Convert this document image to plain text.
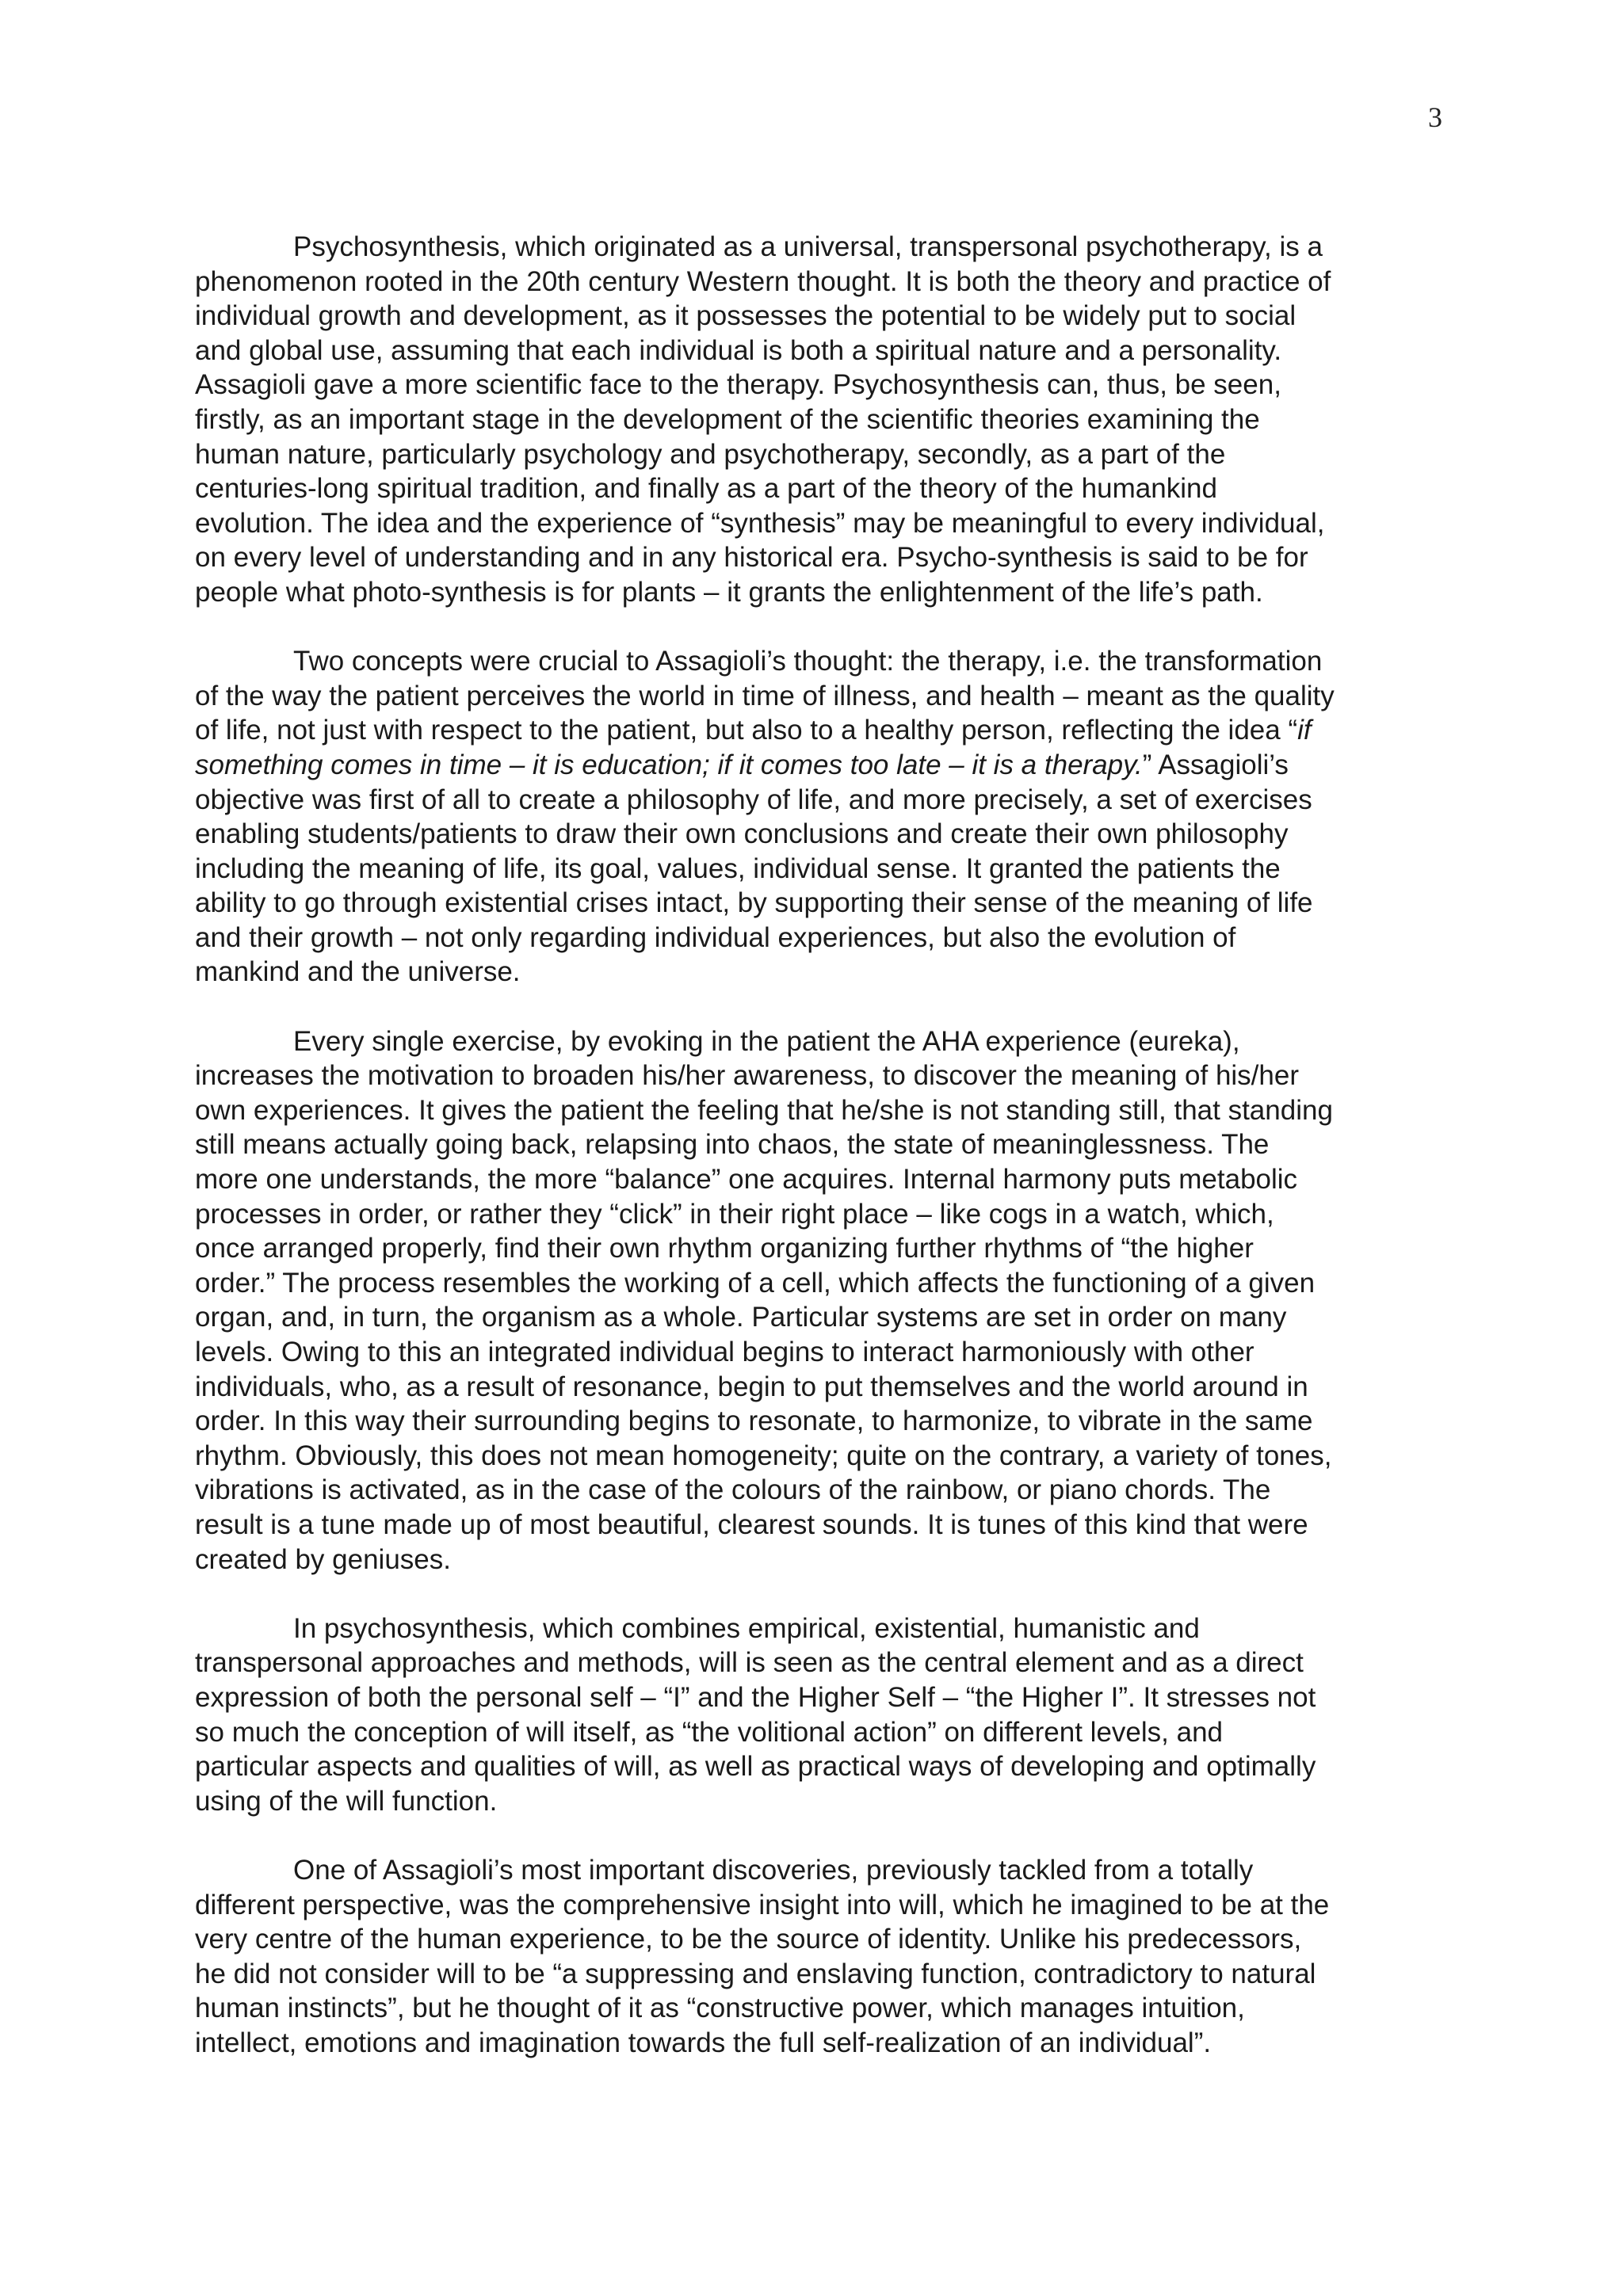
3

Psychosynthesis, which originated as a universal, transpersonal psychotherapy, is a
phenomenon rooted in the 20th century Western thought. It is both the theory and practice of
individual growth and development, as it possesses the potential to be widely put to social
and global use, assuming that each individual is both a spiritual nature and a personality.
Assagioli gave a more scientific face to the therapy. Psychosynthesis can, thus, be seen,
firstly, as an important stage in the development of the scientific theories examining the
human nature, particularly psychology and psychotherapy, secondly, as a part of the
centuries-long spiritual tradition, and finally as a part of the theory of the humankind
evolution. The idea and the experience of “synthesis” may be meaningful to every individual,
on every level of understanding and in any historical era. Psycho-synthesis is said to be for
people what photo-synthesis is for plants – it grants the enlightenment of the life’s path.

Two concepts were crucial to Assagioli’s thought: the therapy, i.e. the transformation
of the way the patient perceives the world in time of illness, and health – meant as the quality
of life, not just with respect to the patient, but also to a healthy person, reflecting the idea “if
something comes in time – it is education; if it comes too late – it is a therapy.” Assagioli’s
objective was first of all to create a philosophy of life, and more precisely, a set of exercises
enabling students/patients to draw their own conclusions and create their own philosophy
including the meaning of life, its goal, values, individual sense. It granted the patients the
ability to go through existential crises intact, by supporting their sense of the meaning of life
and their growth – not only regarding individual experiences, but also the evolution of
mankind and the universe.

Every single exercise, by evoking in the patient the AHA experience (eureka),
increases the motivation to broaden his/her awareness, to discover the meaning of his/her
own experiences. It gives the patient the feeling that he/she is not standing still, that standing
still means actually going back, relapsing into chaos, the state of meaninglessness. The
more one understands, the more “balance” one acquires. Internal harmony puts metabolic
processes in order, or rather they “click” in their right place – like cogs in a watch, which,
once arranged properly, find their own rhythm organizing further rhythms of “the higher
order.” The process resembles the working of a cell, which affects the functioning of a given
organ, and, in turn, the organism as a whole. Particular systems are set in order on many
levels. Owing to this an integrated individual begins to interact harmoniously with other
individuals, who, as a result of resonance, begin to put themselves and the world around in
order. In this way their surrounding begins to resonate, to harmonize, to vibrate in the same
rhythm. Obviously, this does not mean homogeneity; quite on the contrary, a variety of tones,
vibrations is activated, as in the case of the colours of the rainbow, or piano chords. The
result is a tune made up of most beautiful, clearest sounds. It is tunes of this kind that were
created by geniuses.

In psychosynthesis, which combines empirical, existential, humanistic and
transpersonal approaches and methods, will is seen as the central element and as a direct
expression of both the personal self – “I” and the Higher Self – “the Higher I”. It stresses not
so much the conception of will itself, as “the volitional action” on different levels, and
particular aspects and qualities of will, as well as practical ways of developing and optimally
using of the will function.

One of Assagioli’s most important discoveries, previously tackled from a totally
different perspective, was the comprehensive insight into will, which he imagined to be at the
very centre of the human experience, to be the source of identity. Unlike his predecessors,
he did not consider will to be “a suppressing and enslaving function, contradictory to natural
human instincts”, but he thought of it as “constructive power, which manages intuition,
intellect, emotions and imagination towards the full self-realization of an individual”.
